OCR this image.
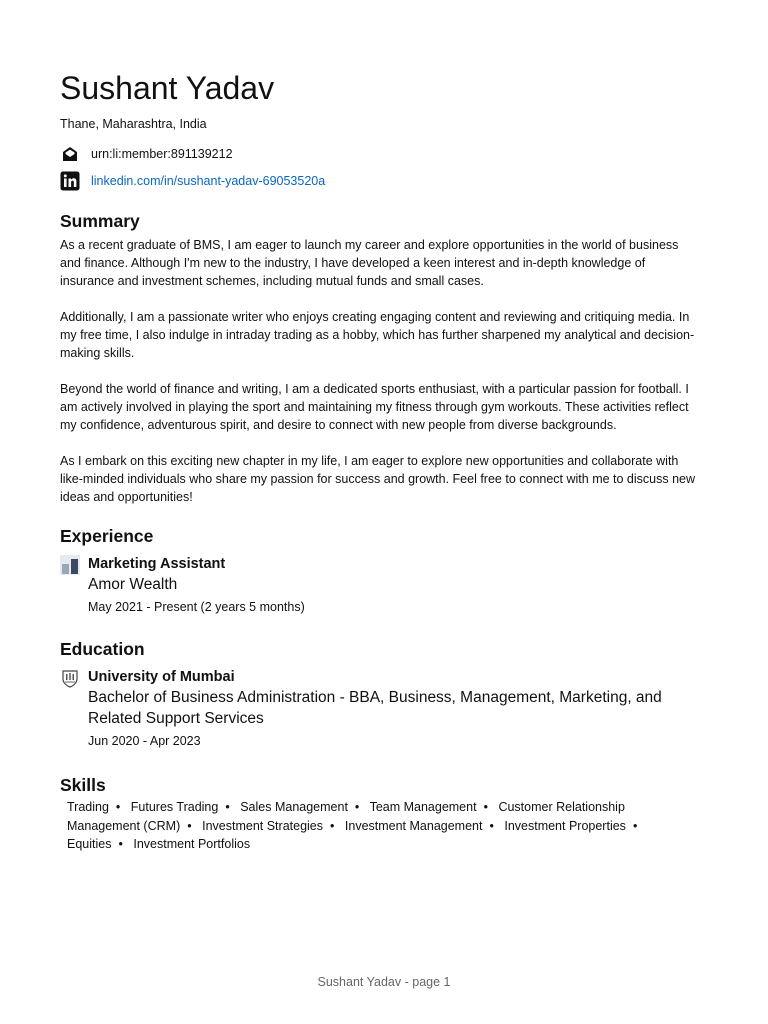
Sushant Yadav
Thane, Maharashtra, India
urn:li:member:891139212
linkedin.com/in/sushant-yadav-69053520a
Summary

As a recent graduate of BMS, I am eager to launch my career and explore opportunities in the world of business and finance. Although I'm new to the industry, I have developed a keen interest and in-depth knowledge of insurance and investment schemes, including mutual funds and small cases.

Additionally, I am a passionate writer who enjoys creating engaging content and reviewing and critiquing media. In my free time, I also indulge in intraday trading as a hobby, which has further sharpened my analytical and decision-making skills.

Beyond the world of finance and writing, I am a dedicated sports enthusiast, with a particular passion for football. I am actively involved in playing the sport and maintaining my fitness through gym workouts. These activities reflect my confidence, adventurous spirit, and desire to connect with new people from diverse backgrounds.

As I embark on this exciting new chapter in my life, I am eager to explore new opportunities and collaborate with like-minded individuals who share my passion for success and growth. Feel free to connect with me to discuss new ideas and opportunities!

Experience
Marketing Assistant
Amor Wealth
May 2021 - Present (2 years 5 months)
Education
University of Mumbai
Bachelor of Business Administration - BBA, Business, Management, Marketing, and Related Support Services
Jun 2020 - Apr 2023
Skills
Trading • Futures Trading • Sales Management • Team Management • Customer Relationship Management (CRM) • Investment Strategies • Investment Management • Investment Properties • Equities • Investment Portfolios
Sushant Yadav - page 1
